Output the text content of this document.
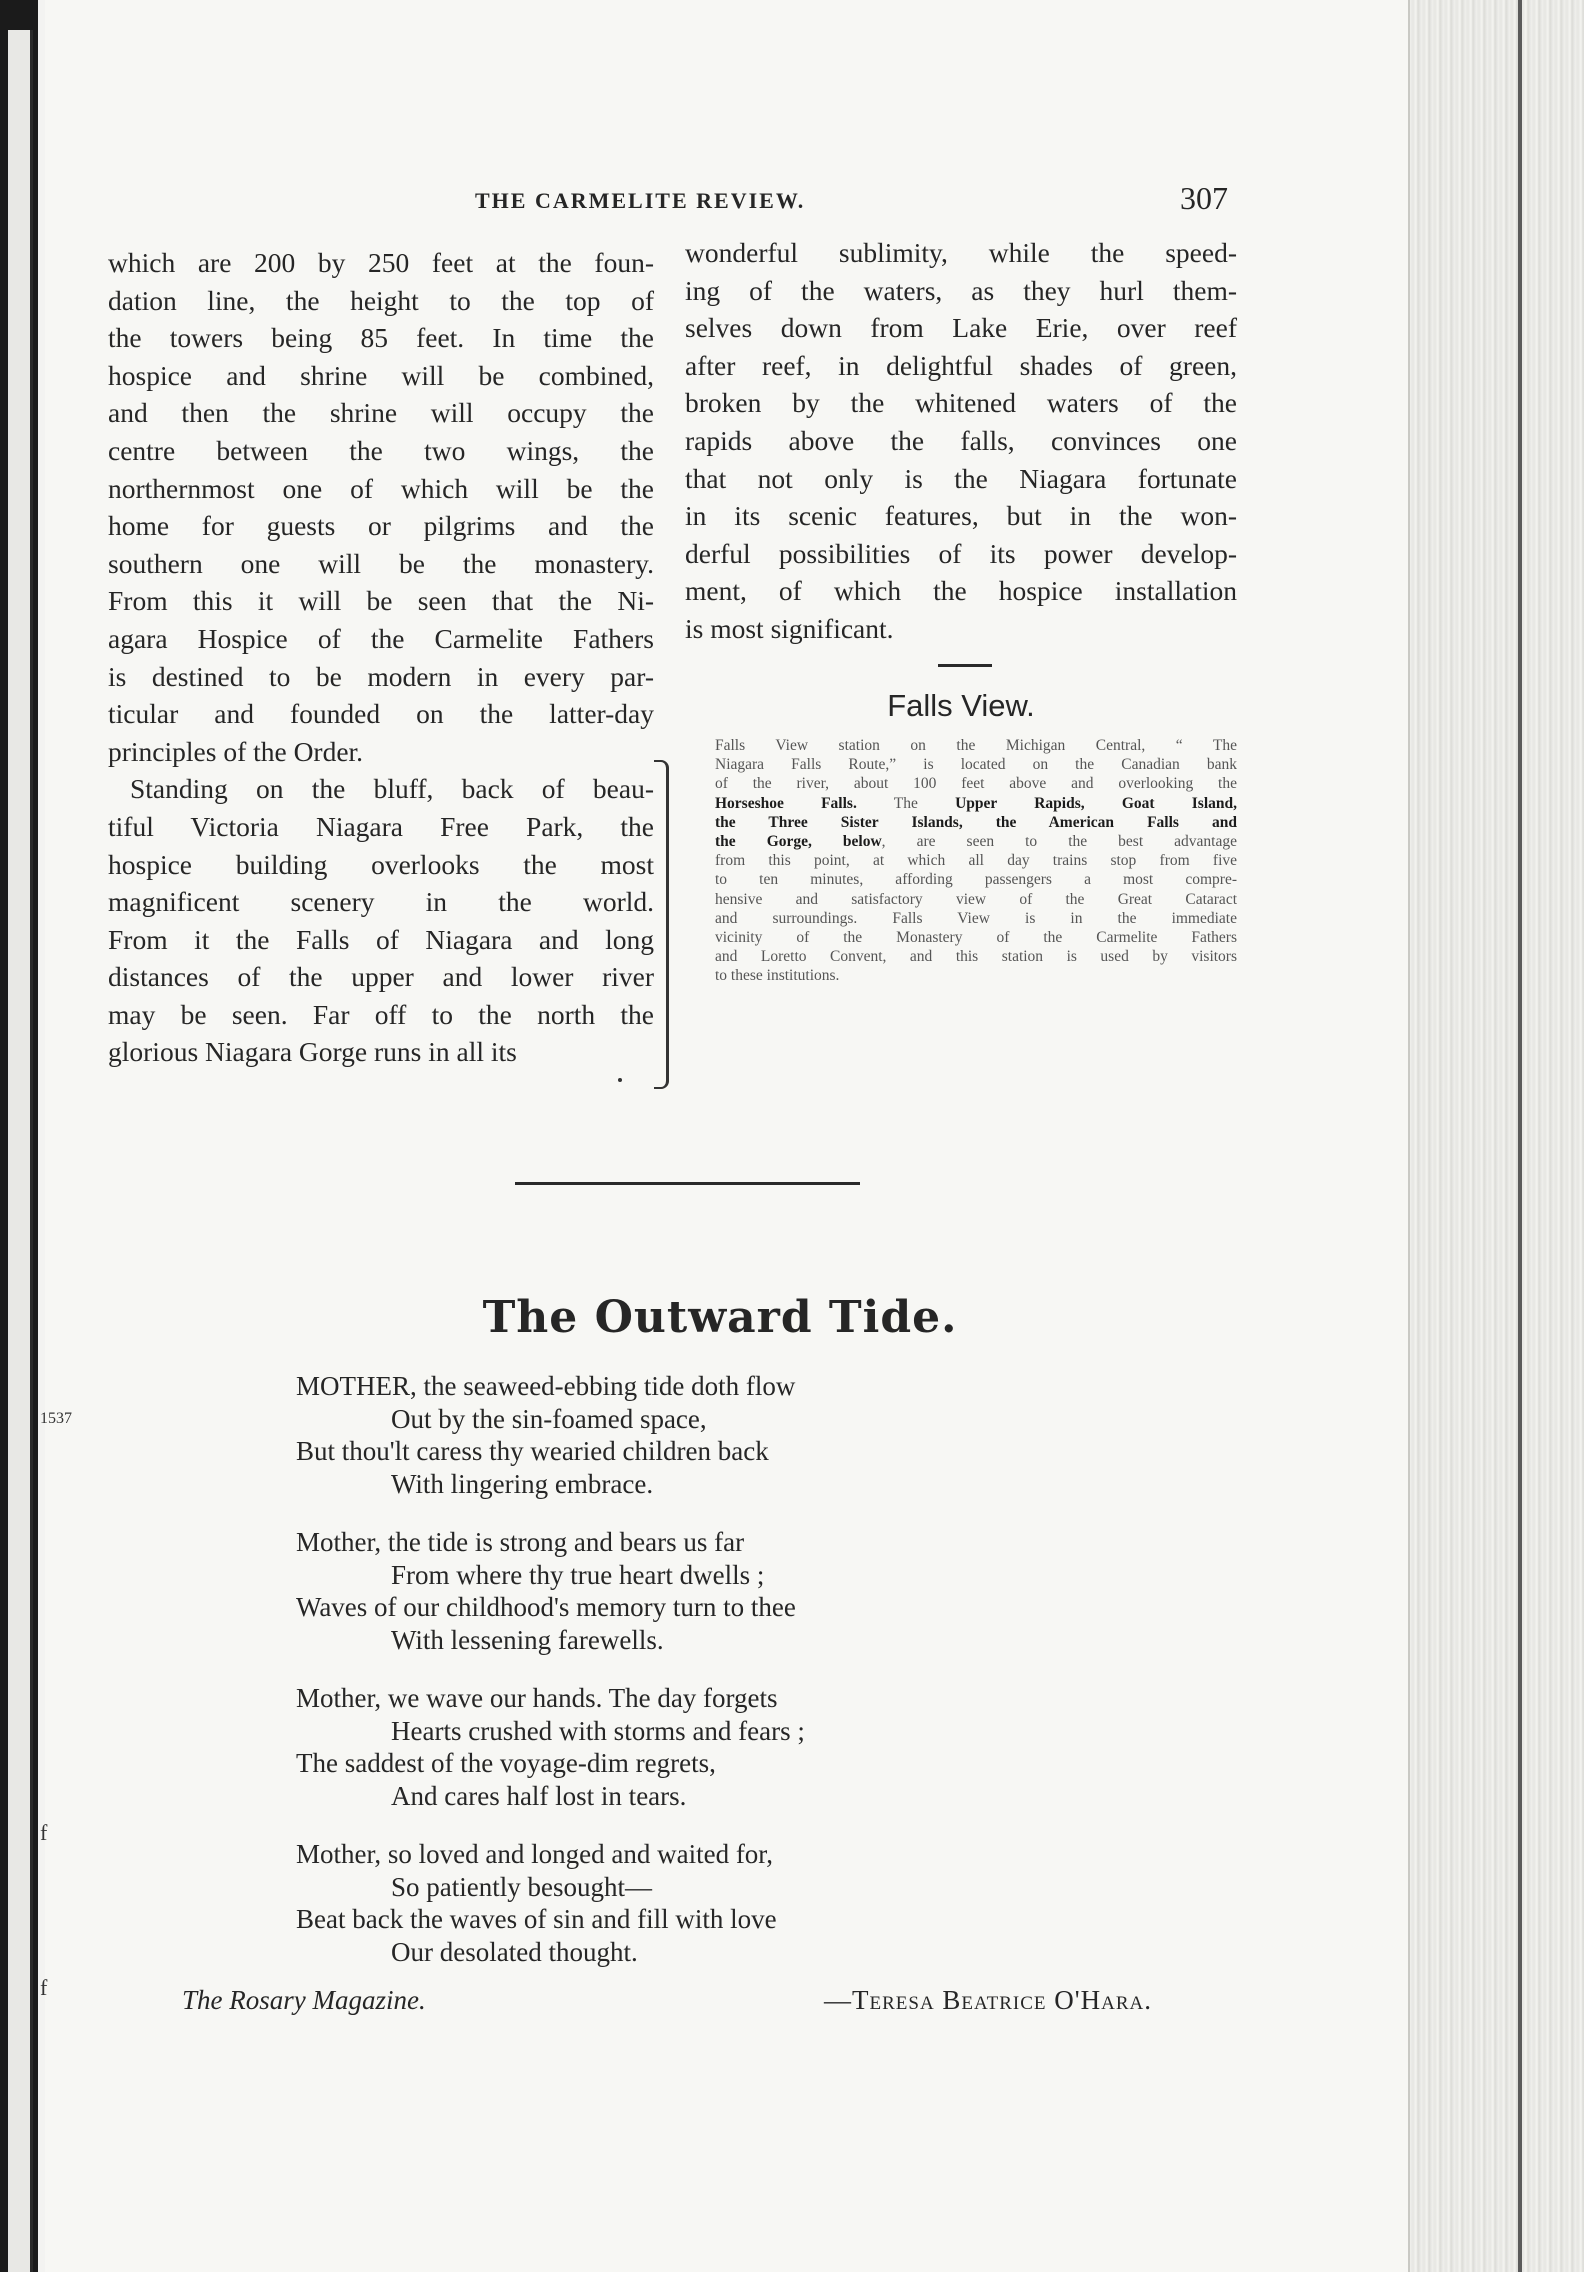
1537
f
f
THE CARMELITE REVIEW.	307
which are 200 by 250 feet at the foun-
dation line, the height to the top of
the towers being 85 feet. In time the
hospice and shrine will be combined,
and then the shrine will occupy the
centre between the two wings, the
northernmost one of which will be the
home for guests or pilgrims and the
southern one will be the monastery.
From this it will be seen that the Ni-
agara Hospice of the Carmelite Fathers
is destined to be modern in every par-
ticular and founded on the latter-day
principles of the Order.
Standing on the bluff, back of beau-
tiful Victoria Niagara Free Park, the
hospice building overlooks the most
magnificent scenery in the world.
From it the Falls of Niagara and long
distances of the upper and lower river
may be seen. Far off to the north the
glorious Niagara Gorge runs in all its
wonderful sublimity, while the speed-
ing of the waters, as they hurl them-
selves down from Lake Erie, over reef
after reef, in delightful shades of green,
broken by the whitened waters of the
rapids above the falls, convinces one
that not only is the Niagara fortunate
in its scenic features, but in the won-
derful possibilities of its power develop-
ment, of which the hospice installation
is most significant.
Falls View.
Falls View station on the Michigan Central, “ The
Niagara Falls Route,” is located on the Canadian bank
of the river, about 100 feet above and overlooking the
Horseshoe Falls. The Upper Rapids, Goat Island,
the Three Sister Islands, the American Falls and
the Gorge, below, are seen to the best advantage
from this point, at which all day trains stop from five
to ten minutes, affording passengers a most compre-
hensive and satisfactory view of the Great Cataract
and surroundings. Falls View is in the immediate
vicinity of the Monastery of the Carmelite Fathers
and Loretto Convent, and this station is used by visitors
to these institutions.
The Outward Tide.
MOTHER, the seaweed-ebbing tide doth flow
Out by the sin-foamed space,
But thou'lt caress thy wearied children back
With lingering embrace.
Mother, the tide is strong and bears us far
From where thy true heart dwells ;
Waves of our childhood's memory turn to thee
With lessening farewells.
Mother, we wave our hands. The day forgets
Hearts crushed with storms and fears ;
The saddest of the voyage-dim regrets,
And cares half lost in tears.
Mother, so loved and longed and waited for,
So patiently besought—
Beat back the waves of sin and fill with love
Our desolated thought.
The Rosary Magazine.	—Teresa Beatrice O'Hara.
